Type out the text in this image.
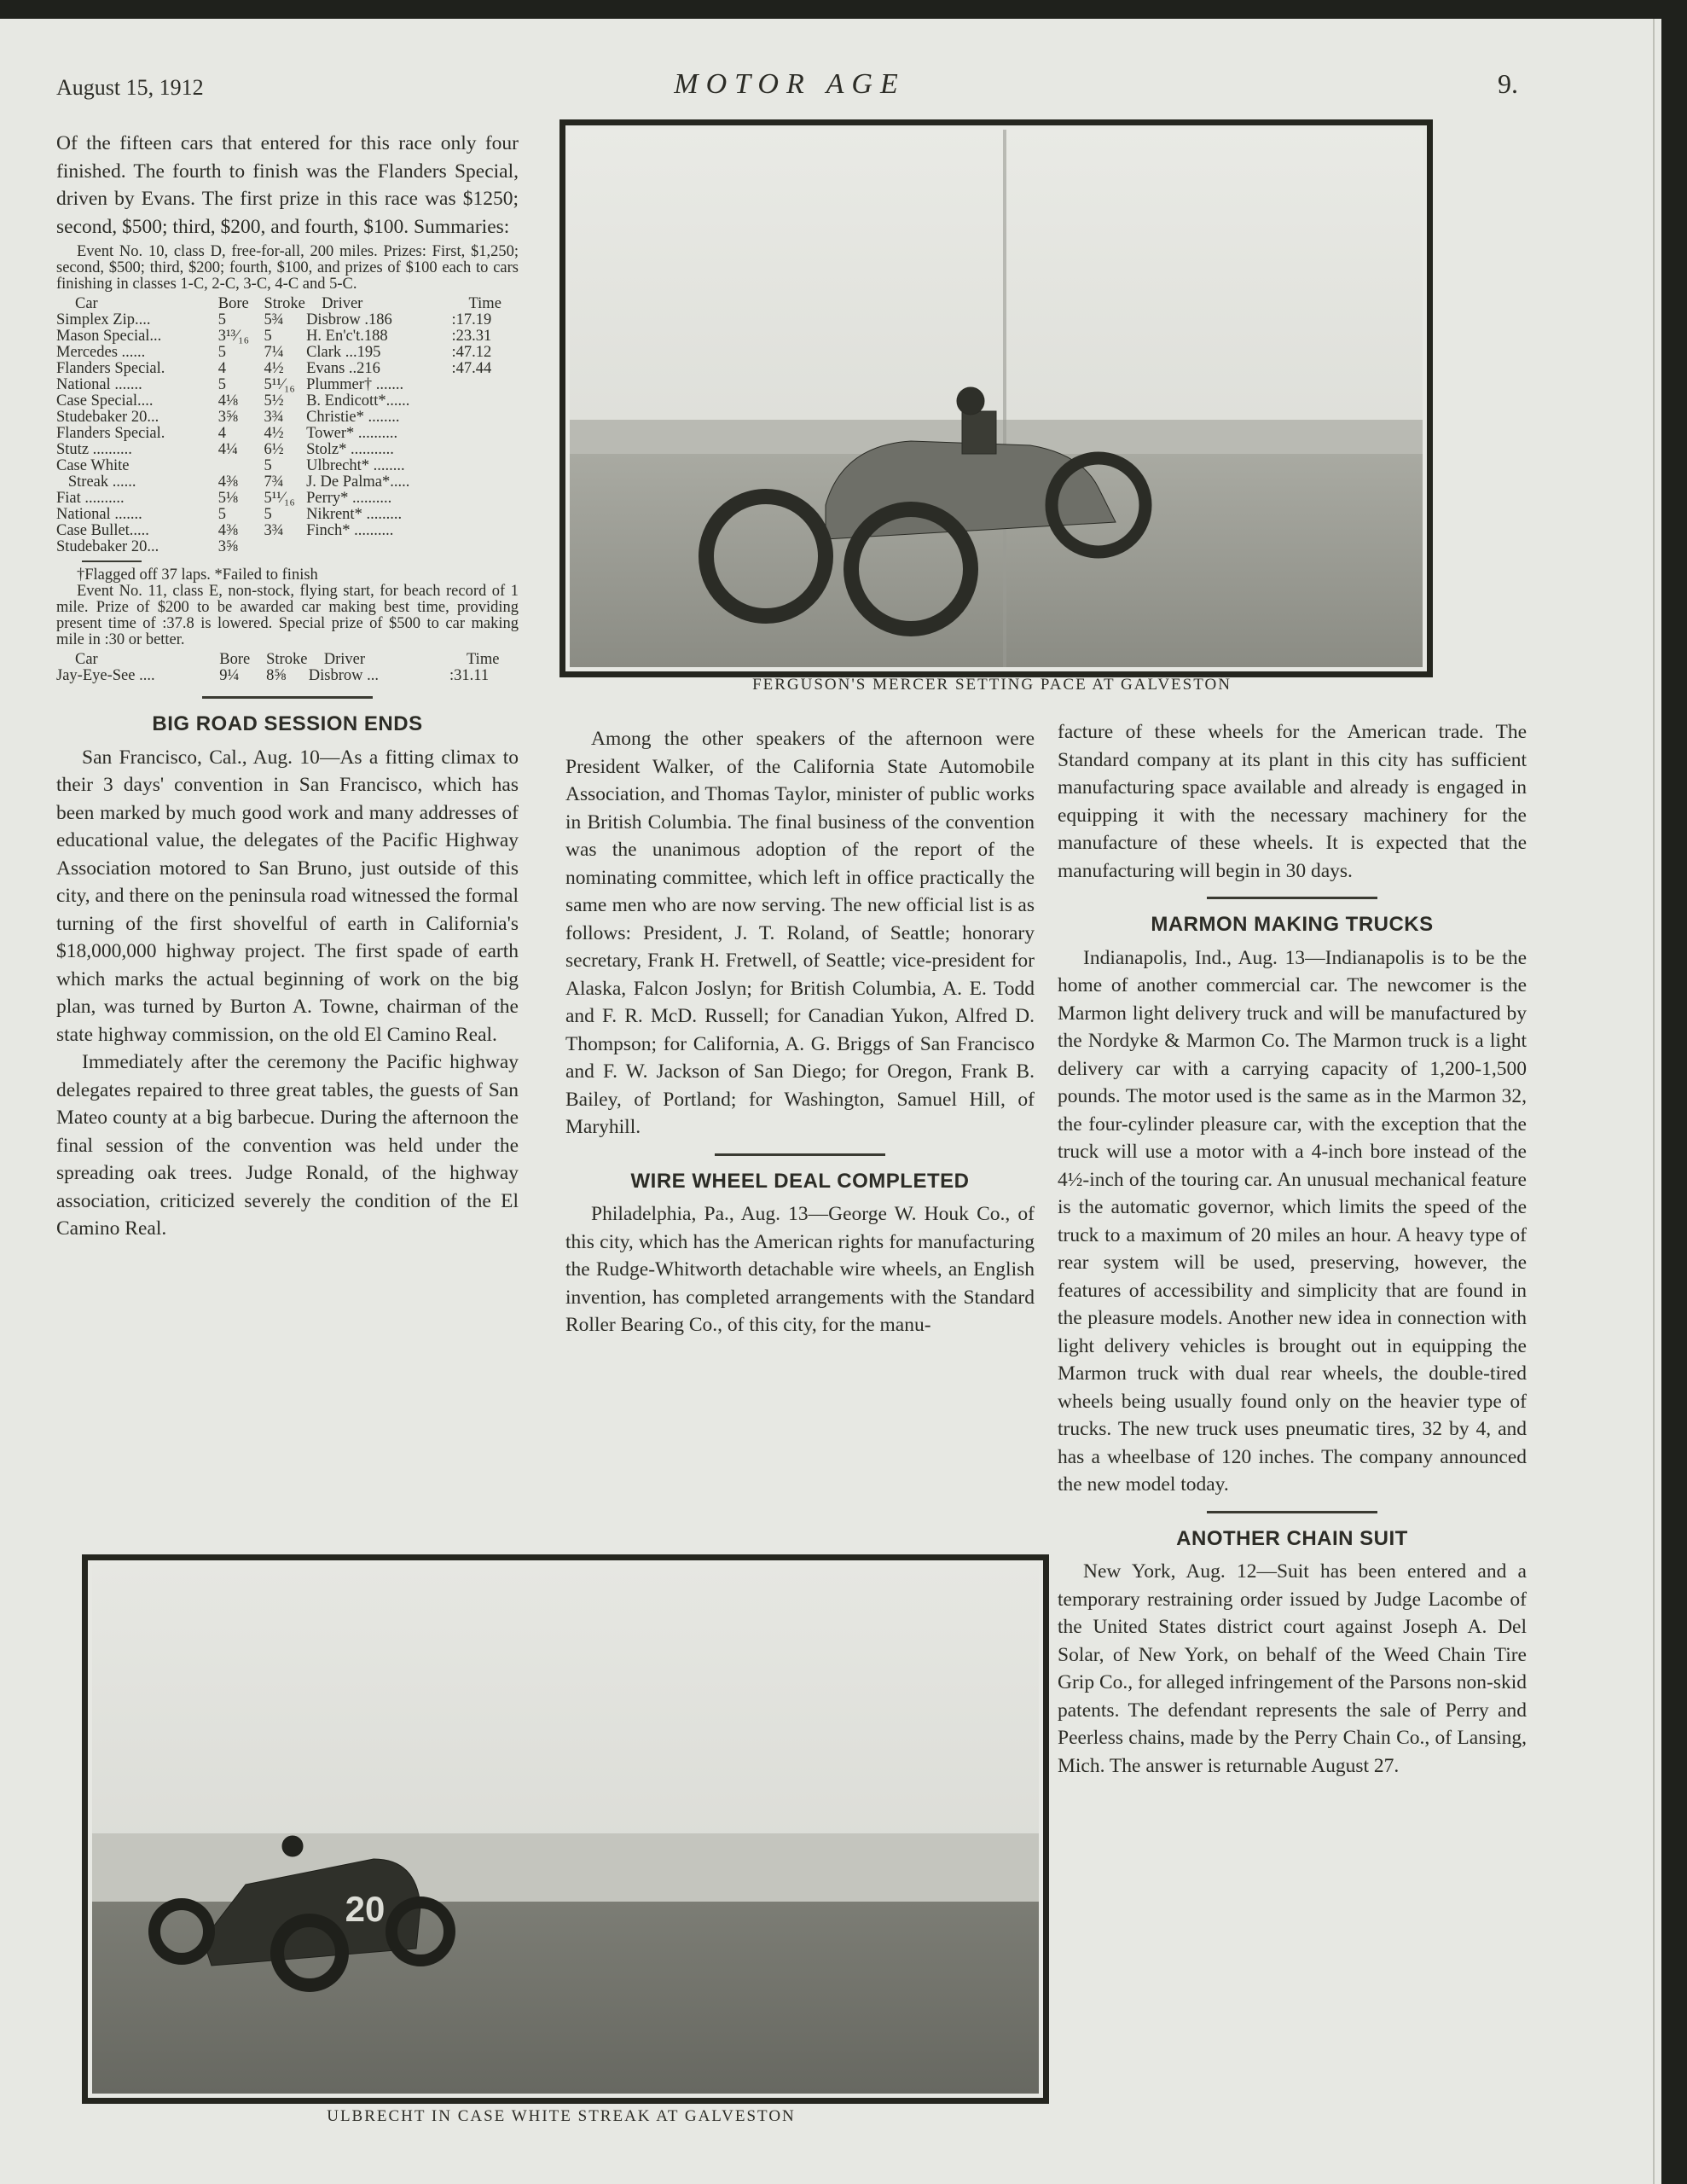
August 15, 1912	MOTOR AGE	9.

Of the fifteen cars that entered for this race only four finished. The fourth to finish was the Flanders Special, driven by Evans. The first prize in this race was $1250; second, $500; third, $200, and fourth, $100. Summaries:

Event No. 10, class D, free-for-all, 200 miles. Prizes: First, $1,250; second, $500; third, $200; fourth, $100, and prizes of $100 each to cars finishing in classes 1-C, 2-C, 3-C, 4-C and 5-C.

Car	Bore	Stroke	Driver	Time
Simplex Zip....	5	5¾	Disbrow .186	:17.19
Mason Special...	3¹³⁄₁₆	5	H. En'c't.188	:23.31
Mercedes ......	5	7¼	Clark ...195	:47.12
Flanders Special.	4	4½	Evans ..216	:47.44
National .......	5	5¹¹⁄₁₆	Plummer† .......	
Case Special....	4⅛	5½	B. Endicott*......	
Studebaker 20...	3⅝	3¾	Christie* ........	
Flanders Special.	4	4½	Tower* ..........	
Stutz ..........	4¼	6½	Stolz* ...........	
Case White		5	Ulbrecht* ........	
Streak ......	4⅜	7¾	J. De Palma*.....	
Fiat ..........	5⅛	5¹¹⁄₁₆	Perry* ..........	
National .......	5	5	Nikrent* .........	
Case Bullet.....	4⅜	3¾	Finch* ..........	
Studebaker 20...	3⅝			

†Flagged off 37 laps. *Failed to finish

Event No. 11, class E, non-stock, flying start, for beach record of 1 mile. Prize of $200 to be awarded car making best time, providing present time of :37.8 is lowered. Special prize of $500 to car making mile in :30 or better.

Car	Bore	Stroke	Driver	Time
Jay-Eye-See ....	9¼	8⅝	Disbrow ...	:31.11
BIG ROAD SESSION ENDS

San Francisco, Cal., Aug. 10—As a fitting climax to their 3 days' convention in San Francisco, which has been marked by much good work and many addresses of educational value, the delegates of the Pacific Highway Association motored to San Bruno, just outside of this city, and there on the peninsula road witnessed the formal turning of the first shovelful of earth in California's $18,000,000 highway project. The first spade of earth which marks the actual beginning of work on the big plan, was turned by Burton A. Towne, chairman of the state highway commission, on the old El Camino Real.

Immediately after the ceremony the Pacific highway delegates repaired to three great tables, the guests of San Mateo county at a big barbecue. During the afternoon the final session of the convention was held under the spreading oak trees. Judge Ronald, of the highway association, criticized severely the condition of the El Camino Real.

FERGUSON'S MERCER SETTING PACE AT GALVESTON

Among the other speakers of the afternoon were President Walker, of the California State Automobile Association, and Thomas Taylor, minister of public works in British Columbia. The final business of the convention was the unanimous adoption of the report of the nominating committee, which left in office practically the same men who are now serving. The new official list is as follows: President, J. T. Roland, of Seattle; honorary secretary, Frank H. Fretwell, of Seattle; vice-president for Alaska, Falcon Joslyn; for British Columbia, A. E. Todd and F. R. McD. Russell; for Canadian Yukon, Alfred D. Thompson; for California, A. G. Briggs of San Francisco and F. W. Jackson of San Diego; for Oregon, Frank B. Bailey, of Portland; for Washington, Samuel Hill, of Maryhill.

WIRE WHEEL DEAL COMPLETED

Philadelphia, Pa., Aug. 13—George W. Houk Co., of this city, which has the American rights for manufacturing the Rudge-Whitworth detachable wire wheels, an English invention, has completed arrangements with the Standard Roller Bearing Co., of this city, for the manu-

facture of these wheels for the American trade. The Standard company at its plant in this city has sufficient manufacturing space available and already is engaged in equipping it with the necessary machinery for the manufacture of these wheels. It is expected that the manufacturing will begin in 30 days.

MARMON MAKING TRUCKS

Indianapolis, Ind., Aug. 13—Indianapolis is to be the home of another commercial car. The newcomer is the Marmon light delivery truck and will be manufactured by the Nordyke & Marmon Co. The Marmon truck is a light delivery car with a carrying capacity of 1,200-1,500 pounds. The motor used is the same as in the Marmon 32, the four-cylinder pleasure car, with the exception that the truck will use a motor with a 4-inch bore instead of the 4½-inch of the touring car. An unusual mechanical feature is the automatic governor, which limits the speed of the truck to a maximum of 20 miles an hour. A heavy type of rear system will be used, preserving, however, the features of accessibility and simplicity that are found in the pleasure models. Another new idea in connection with light delivery vehicles is brought out in equipping the Marmon truck with dual rear wheels, the double-tired wheels being usually found only on the heavier type of trucks. The new truck uses pneumatic tires, 32 by 4, and has a wheelbase of 120 inches. The company announced the new model today.

ANOTHER CHAIN SUIT

New York, Aug. 12—Suit has been entered and a temporary restraining order issued by Judge Lacombe of the United States district court against Joseph A. Del Solar, of New York, on behalf of the Weed Chain Tire Grip Co., for alleged infringement of the Parsons non-skid patents. The defendant represents the sale of Perry and Peerless chains, made by the Perry Chain Co., of Lansing, Mich. The answer is returnable August 27.

20
ULBRECHT IN CASE WHITE STREAK AT GALVESTON
